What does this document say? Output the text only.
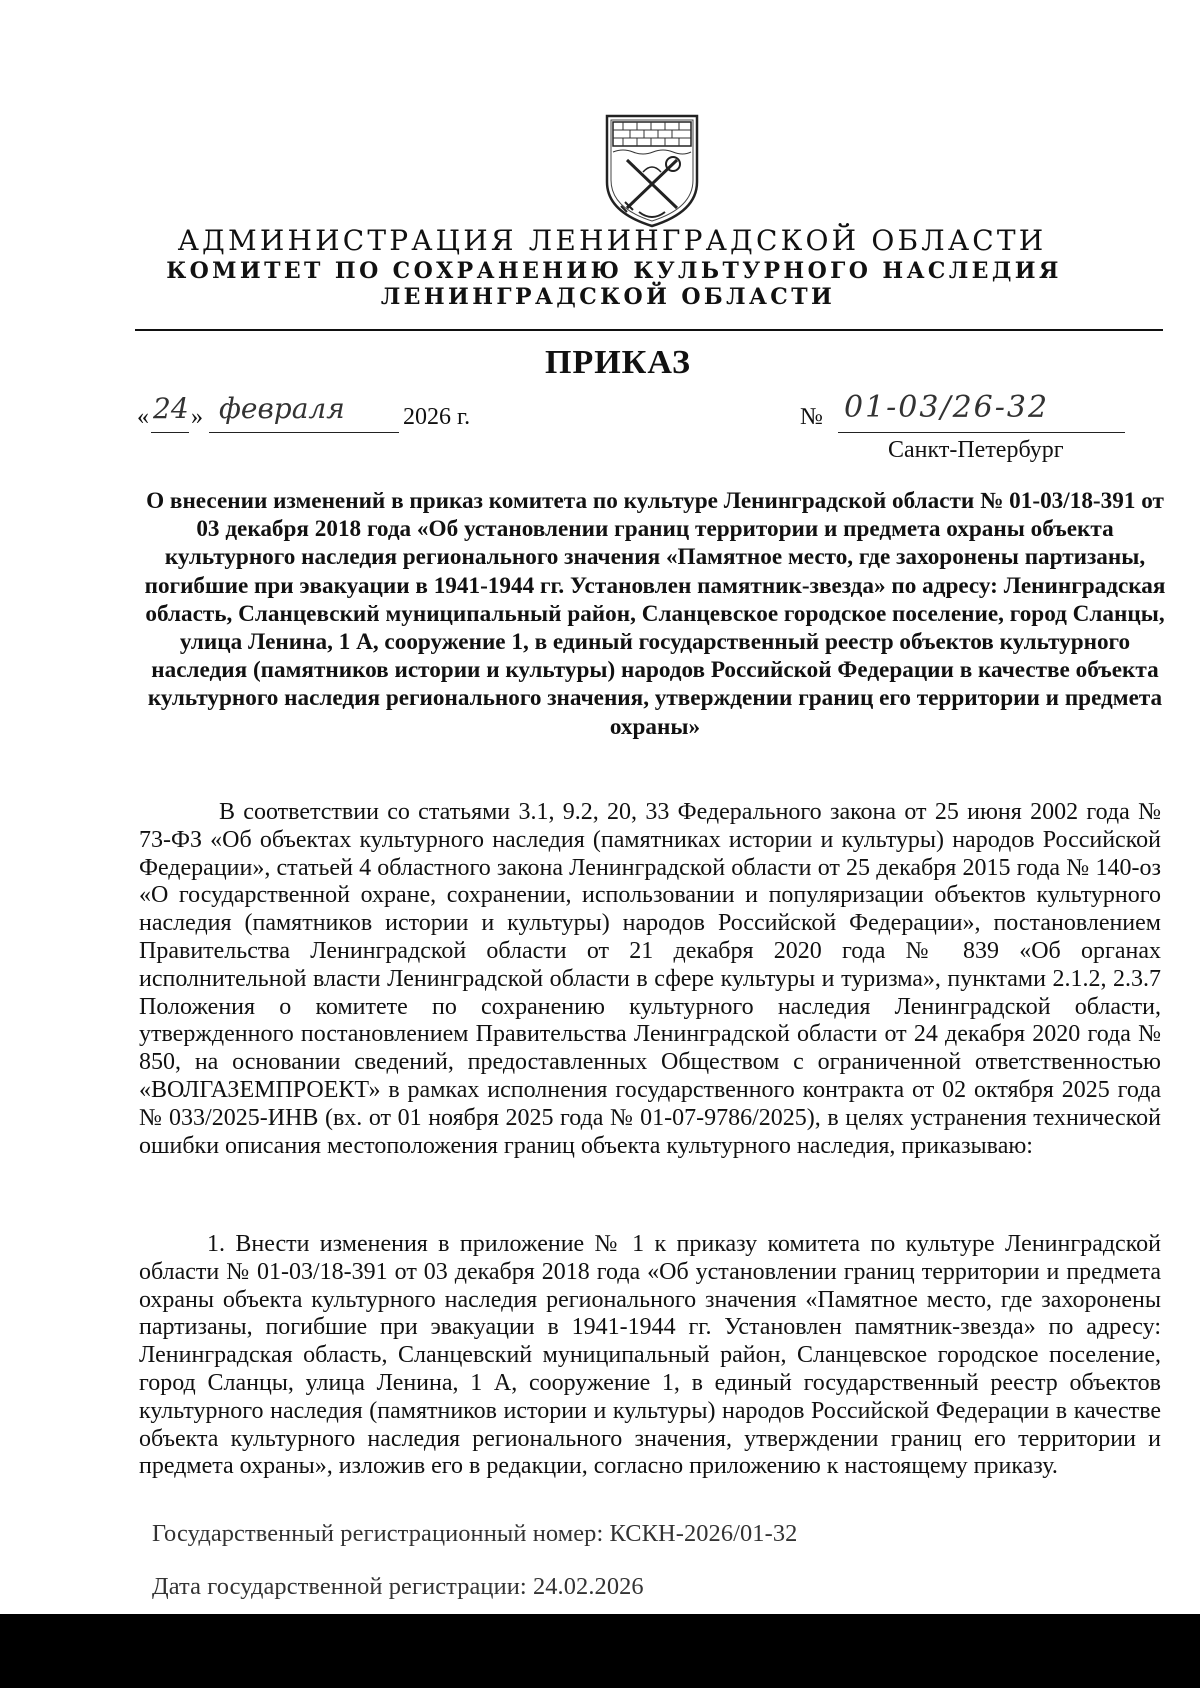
АДМИНИСТРАЦИЯ ЛЕНИНГРАДСКОЙ ОБЛАСТИ
КОМИТЕТ ПО СОХРАНЕНИЮ КУЛЬТУРНОГО НАСЛЕДИЯ
ЛЕНИНГРАДСКОЙ ОБЛАСТИ
ПРИКАЗ
« 24 » февраля 2026 г.	№ 01-03/26-32
Санкт-Петербург

О внесении изменений в приказ комитета по культуре Ленинградской области № 01-03/18-391 от 03 декабря 2018 года «Об установлении границ территории и предмета охраны объекта культурного наследия регионального значения «Памятное место, где захоронены партизаны, погибшие при эвакуации в 1941-1944 гг. Установлен памятник-звезда» по адресу: Ленинградская область, Сланцевский муниципальный район, Сланцевское городское поселение, город Сланцы, улица Ленина, 1 А, сооружение 1, в единый государственный реестр объектов культурного наследия (памятников истории и культуры) народов Российской Федерации в качестве объекта культурного наследия регионального значения, утверждении границ его территории и предмета охраны»

В соответствии со статьями 3.1, 9.2, 20, 33 Федерального закона от 25 июня 2002 года № 73-ФЗ «Об объектах культурного наследия (памятниках истории и культуры) народов Российской Федерации», статьей 4 областного закона Ленинградской области от 25 декабря 2015 года № 140-оз «О государственной охране, сохранении, использовании и популяризации объектов культурного наследия (памятников истории и культуры) народов Российской Федерации», постановлением Правительства Ленинградской области от 21 декабря 2020 года № 839 «Об органах исполнительной власти Ленинградской области в сфере культуры и туризма», пунктами 2.1.2, 2.3.7 Положения о комитете по сохранению культурного наследия Ленинградской области, утвержденного постановлением Правительства Ленинградской области от 24 декабря 2020 года № 850, на основании сведений, предоставленных Обществом с ограниченной ответственностью «ВОЛГАЗЕМПРОЕКТ» в рамках исполнения государственного контракта от 02 октября 2025 года № 033/2025-ИНВ (вх. от 01 ноября 2025 года № 01-07-9786/2025), в целях устранения технической ошибки описания местоположения границ объекта культурного наследия, приказываю:

1. Внести изменения в приложение № 1 к приказу комитета по культуре Ленинградской области № 01-03/18-391 от 03 декабря 2018 года «Об установлении границ территории и предмета охраны объекта культурного наследия регионального значения «Памятное место, где захоронены партизаны, погибшие при эвакуации в 1941-1944 гг. Установлен памятник-звезда» по адресу: Ленинградская область, Сланцевский муниципальный район, Сланцевское городское поселение, город Сланцы, улица Ленина, 1 А, сооружение 1, в единый государственный реестр объектов культурного наследия (памятников истории и культуры) народов Российской Федерации в качестве объекта культурного наследия регионального значения, утверждении границ его территории и предмета охраны», изложив его в редакции, согласно приложению к настоящему приказу.

Государственный регистрационный номер: КСКН-2026/01-32
Дата государственной регистрации: 24.02.2026
